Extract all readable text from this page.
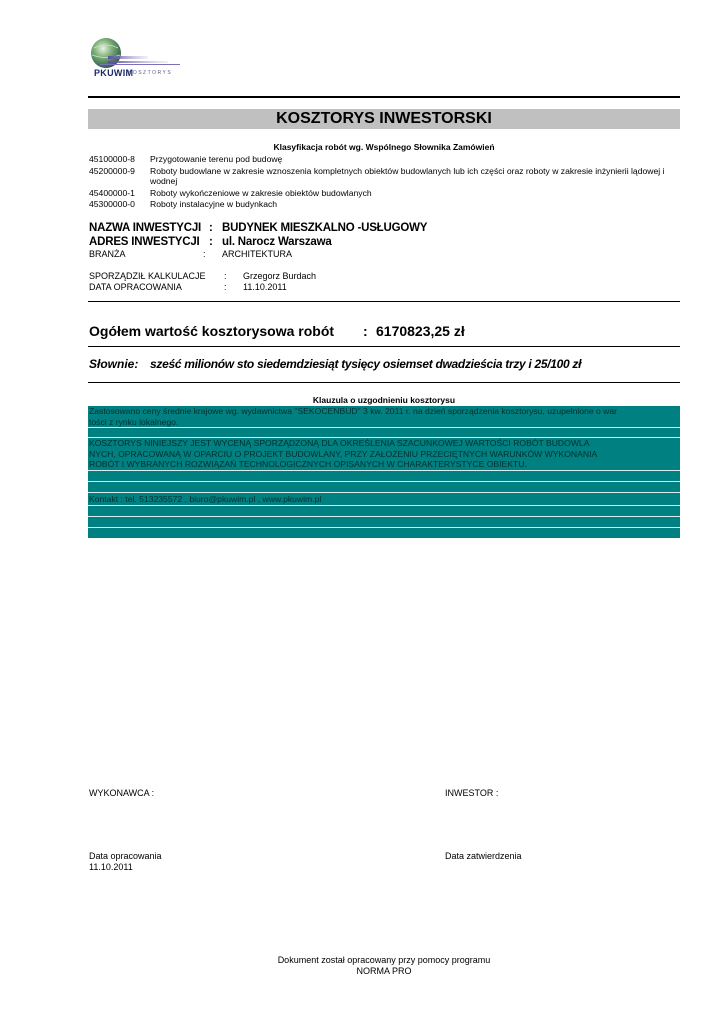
PKUWIM
KOSZTORYS
KOSZTORYS INWESTORSKI
Klasyfikacja robót wg. Wspólnego Słownika Zamówień
45100000-8	Przygotowanie terenu pod budowę
45200000-9	Roboty budowlane w zakresie wznoszenia kompletnych obiektów budowlanych lub ich części oraz roboty w zakresie inżynierii lądowej i wodnej
45400000-1	Roboty wykończeniowe w zakresie obiektów budowlanych
45300000-0	Roboty instalacyjne w budynkach
NAZWA INWESTYCJI : BUDYNEK MIESZKALNO -USŁUGOWY
ADRES INWESTYCJI : ul. Narocz Warszawa
BRANŻA	: ARCHITEKTURA
SPORZĄDZIŁ KALKULACJE : Grzegorz Burdach
DATA OPRACOWANIA	: 11.10.2011
Ogółem wartość kosztorysowa robót : 6170823,25 zł
Słownie: sześć milionów sto siedemdziesiąt tysięcy osiemset dwadzieścia trzy i 25/100 zł
Klauzula o uzgodnieniu kosztorysu
Zastosowano ceny średnie krajowe wg. wydawnictwa "SEKOCENBUD" 3 kw. 2011 r. na dzień sporządzenia kosztorysu, uzupełnione o war
tości z rynku lokalnego.
KOSZTORYS NINIEJSZY JEST WYCENĄ SPORZĄDZONĄ DLA OKREŚLENIA SZACUNKOWEJ WARTOŚCI ROBÓT BUDOWLA
NYCH, OPRACOWANĄ W OPARCIU O PROJEKT BUDOWLANY, PRZY ZAŁOŻENIU PRZECIĘTNYCH WARUNKÓW WYKONANIA
ROBÓT I WYBRANYCH ROZWIĄZAŃ TECHNOLOGICZNYCH OPISANYCH W CHARAKTERYSTYCE OBIEKTU.
Kontakt : tel. 513235572 , biuro@pkuwim.pl , www.pkuwim.pl
WYKONAWCA :	INWESTOR :
Data opracowania
11.10.2011
Data zatwierdzenia
Dokument został opracowany przy pomocy programu
NORMA PRO
